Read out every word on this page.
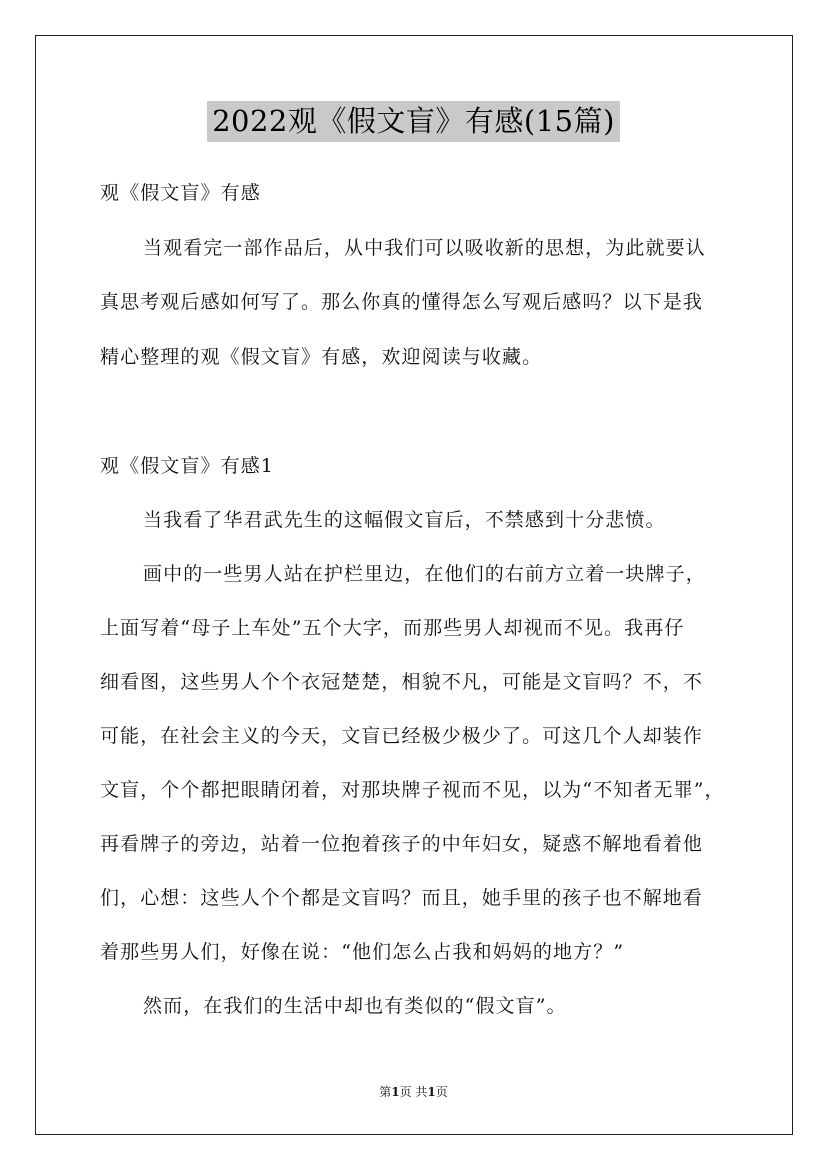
2022观《假文盲》有感(15篇)
观《假文盲》有感
当观看完一部作品后，从中我们可以吸收新的思想，为此就要认
真思考观后感如何写了。那么你真的懂得怎么写观后感吗？以下是我
精心整理的观《假文盲》有感，欢迎阅读与收藏。
观《假文盲》有感1
当我看了华君武先生的这幅假文盲后，不禁感到十分悲愤。
画中的一些男人站在护栏里边，在他们的右前方立着一块牌子，
上面写着“母子上车处”五个大字，而那些男人却视而不见。我再仔
细看图，这些男人个个衣冠楚楚，相貌不凡，可能是文盲吗？不，不
可能，在社会主义的今天，文盲已经极少极少了。可这几个人却装作
文盲，个个都把眼睛闭着，对那块牌子视而不见，以为“不知者无罪”，
再看牌子的旁边，站着一位抱着孩子的中年妇女，疑惑不解地看着他
们，心想：这些人个个都是文盲吗？而且，她手里的孩子也不解地看
着那些男人们，好像在说：“他们怎么占我和妈妈的地方？”
然而，在我们的生活中却也有类似的“假文盲”。
第1页 共1页
